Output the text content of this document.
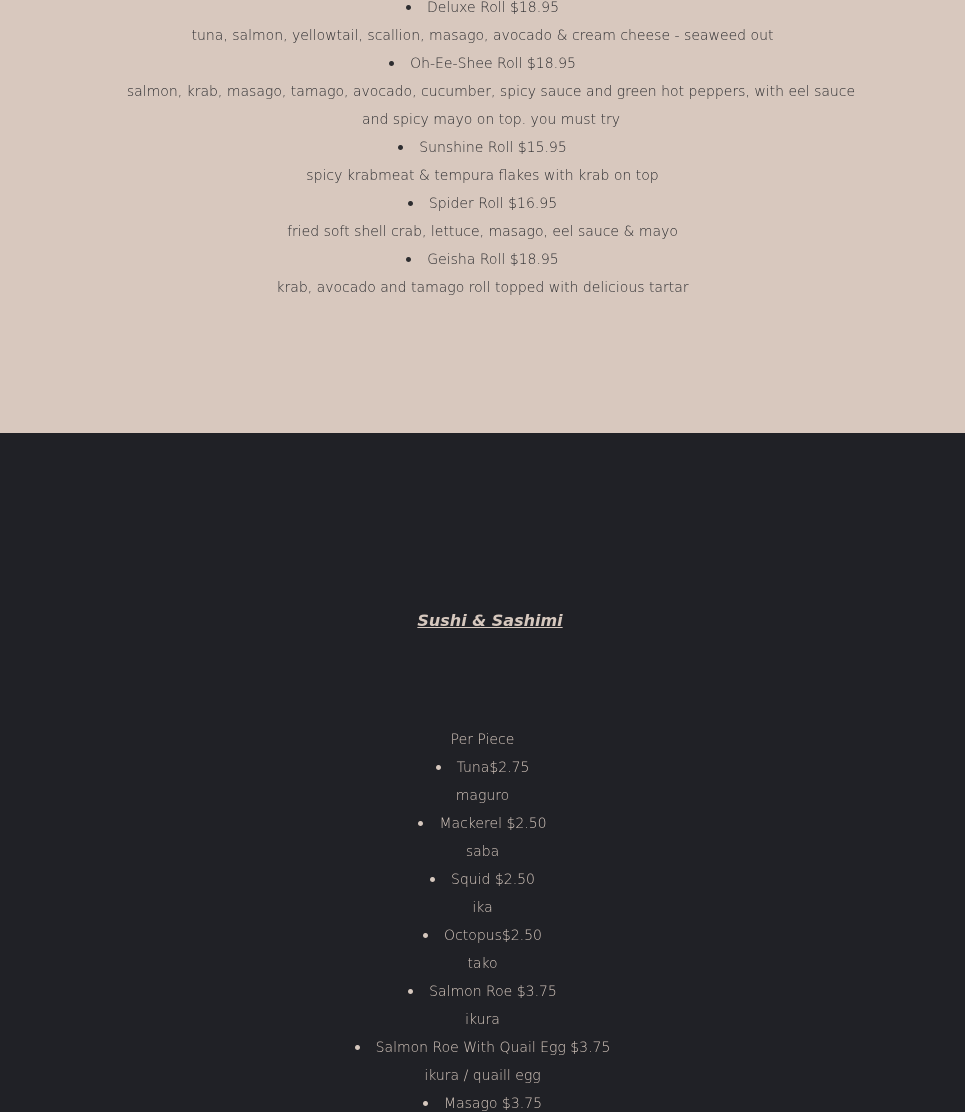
Deluxe Roll $18.95
tuna, salmon, yellowtail, scallion, masago, avocado & cream cheese - seaweed out
Oh-Ee-Shee Roll $18.95
salmon, krab, masago, tamago, avocado, cucumber, spicy sauce and green hot peppers, with eel sauce and spicy mayo on top. you must try
Sunshine Roll $15.95
spicy krabmeat & tempura flakes with krab on top
Spider Roll $16.95
fried soft shell crab, lettuce, masago, eel sauce & mayo
Geisha Roll $18.95
krab, avocado and tamago roll topped with delicious tartar
Sushi & Sashimi
Per Piece
Tuna$2.75
maguro
Mackerel $2.50
saba
Squid $2.50
ika
Octopus$2.50
tako
Salmon Roe $3.75
ikura
Salmon Roe With Quail Egg $3.75
ikura / quaill egg
Masago $3.75
